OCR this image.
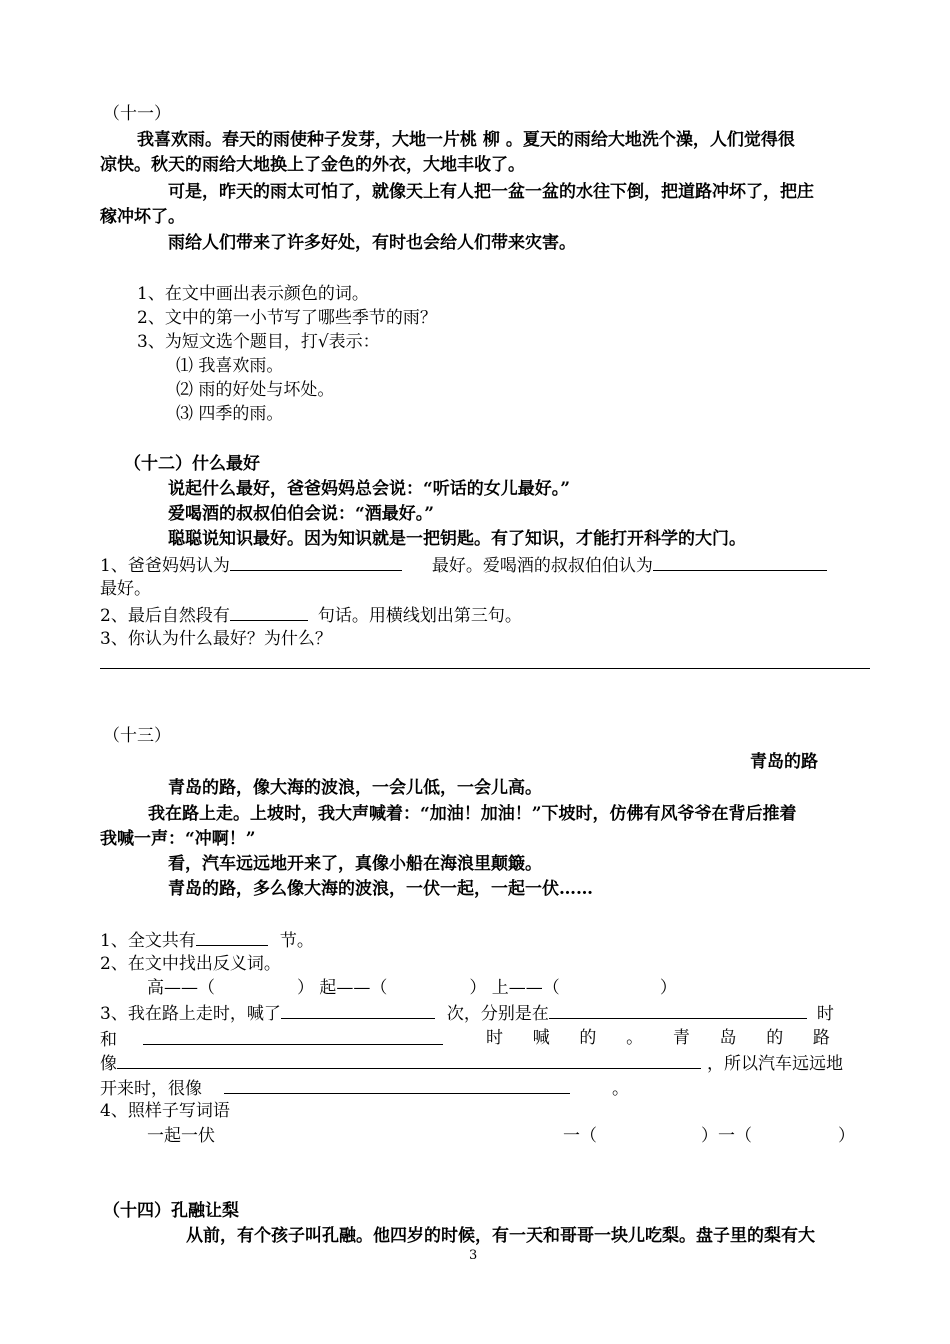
（十一）
我喜欢雨。春天的雨使种子发芽，大地一片桃 柳 。夏天的雨给大地洗个澡，人们觉得很
凉快。秋天的雨给大地换上了金色的外衣，大地丰收了。
可是，昨天的雨太可怕了，就像天上有人把一盆一盆的水往下倒，把道路冲坏了，把庄
稼冲坏了。
雨给人们带来了许多好处，有时也会给人们带来灾害。
1、在文中画出表示颜色的词。
2、文中的第一小节写了哪些季节的雨？
3、为短文选个题目，打√表示：
⑴ 我喜欢雨。
⑵ 雨的好处与坏处。
⑶ 四季的雨。
（十二）什么最好
说起什么最好，爸爸妈妈总会说：“听话的女儿最好。”
爱喝酒的叔叔伯伯会说：“酒最好。”
聪聪说知识最好。因为知识就是一把钥匙。有了知识，才能打开科学的大门。
1、爸爸妈妈认为	最好。爱喝酒的叔叔伯伯认为
最好。
2、最后自然段有	句话。用横线划出第三句。
3、你认为什么最好？为什么？
（十三）
青岛的路
青岛的路，像大海的波浪，一会儿低，一会儿高。
我在路上走。上坡时，我大声喊着：“加油！加油！”下坡时，仿佛有风爷爷在背后推着
我喊一声：“冲啊！”
看，汽车远远地开来了，真像小船在海浪里颠簸。
青岛的路，多么像大海的波浪，一伏一起，一起一伏……
1、全文共有	节。
2、在文中找出反义词。
高——（	） 起——（	） 上——（	）
3、我在路上走时，喊了	次，分别是在	时
和	时 喊 的 。 青 岛 的 路
像	，所以汽车远远地
开来时，很像	。
4、照样子写词语
一起一伏	一（	）一（	）
（十四）孔融让梨
从前，有个孩子叫孔融。他四岁的时候，有一天和哥哥一块儿吃梨。盘子里的梨有大
3
